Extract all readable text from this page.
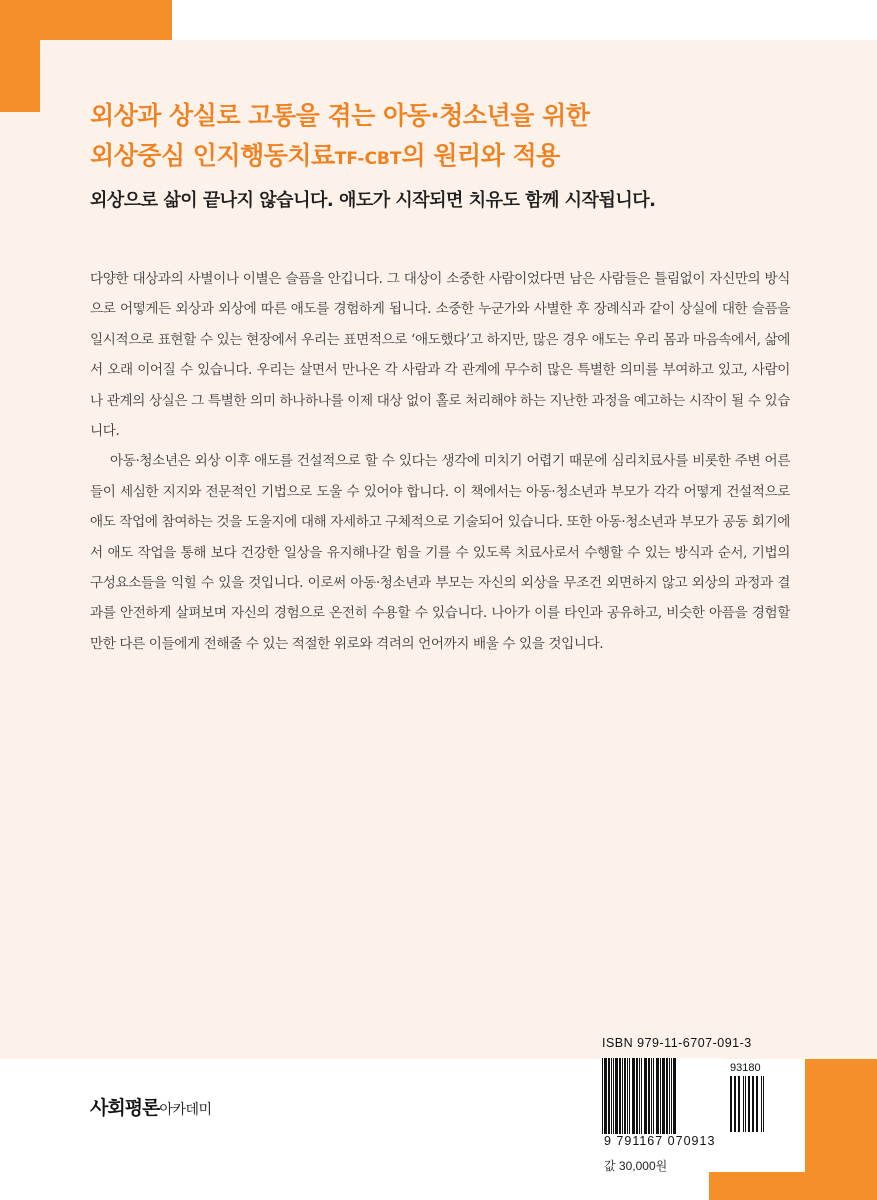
외상과 상실로 고통을 겪는 아동·청소년을 위한
외상중심 인지행동치료TF-CBT의 원리와 적용
외상으로 삶이 끝나지 않습니다. 애도가 시작되면 치유도 함께 시작됩니다.

다양한 대상과의 사별이나 이별은 슬픔을 안깁니다. 그 대상이 소중한 사람이었다면 남은 사람들은 틀림없이 자신만의 방식으로 어떻게든 외상과 외상에 따른 애도를 경험하게 됩니다. 소중한 누군가와 사별한 후 장례식과 같이 상실에 대한 슬픔을 일시적으로 표현할 수 있는 현장에서 우리는 표면적으로 ‘애도했다’고 하지만, 많은 경우 애도는 우리 몸과 마음속에서, 삶에서 오래 이어질 수 있습니다. 우리는 살면서 만나온 각 사람과 각 관계에 무수히 많은 특별한 의미를 부여하고 있고, 사람이나 관계의 상실은 그 특별한 의미 하나하나를 이제 대상 없이 홀로 처리해야 하는 지난한 과정을 예고하는 시작이 될 수 있습니다.

아동·청소년은 외상 이후 애도를 건설적으로 할 수 있다는 생각에 미치기 어렵기 때문에 심리치료사를 비롯한 주변 어른들이 세심한 지지와 전문적인 기법으로 도울 수 있어야 합니다. 이 책에서는 아동·청소년과 부모가 각각 어떻게 건설적으로 애도 작업에 참여하는 것을 도울지에 대해 자세하고 구체적으로 기술되어 있습니다. 또한 아동·청소년과 부모가 공동 회기에서 애도 작업을 통해 보다 건강한 일상을 유지해나갈 힘을 기를 수 있도록 치료사로서 수행할 수 있는 방식과 순서, 기법의 구성요소들을 익힐 수 있을 것입니다. 이로써 아동·청소년과 부모는 자신의 외상을 무조건 외면하지 않고 외상의 과정과 결과를 안전하게 살펴보며 자신의 경험으로 온전히 수용할 수 있습니다. 나아가 이를 타인과 공유하고, 비슷한 아픔을 경험할 만한 다른 이들에게 전해줄 수 있는 적절한 위로와 격려의 언어까지 배울 수 있을 것입니다.

ISBN 979-11-6707-091-3
사회평론아카데미
93180
9 791167 070913
값 30,000원
